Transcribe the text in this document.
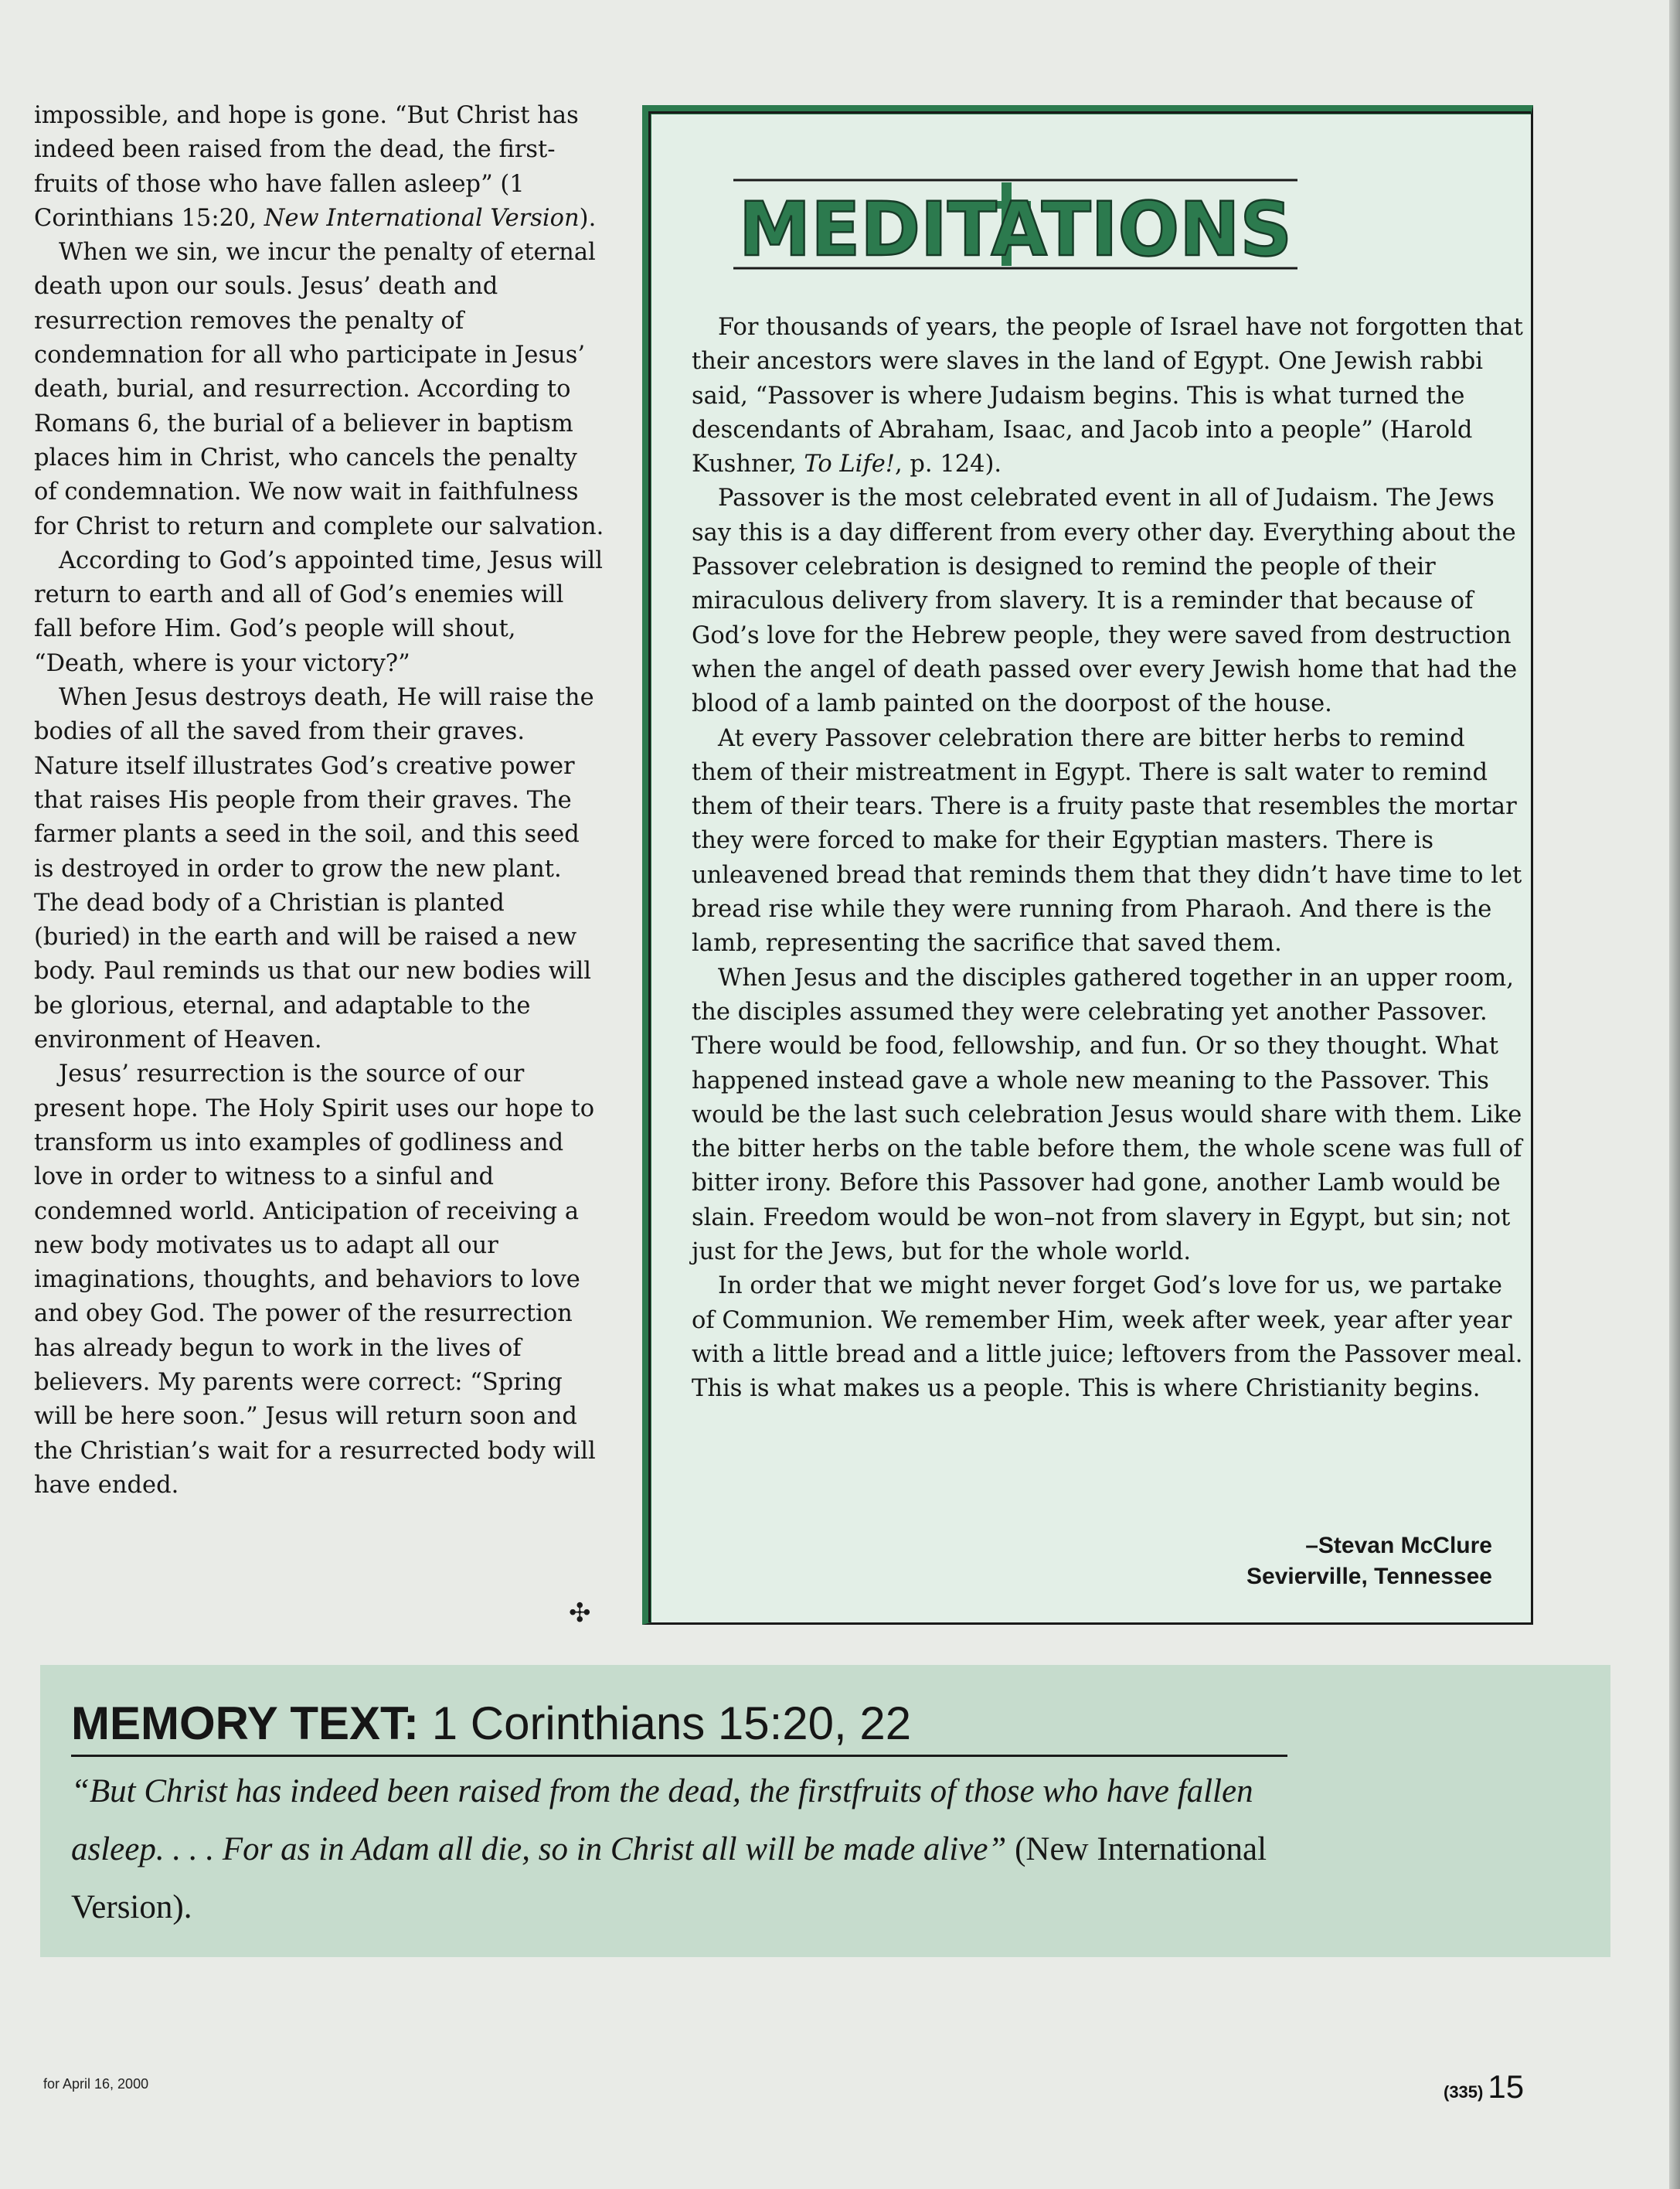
impossible, and hope is gone. “But Christ has indeed been raised from the dead, the first-fruits of those who have fallen asleep” (1 Corinthians 15:20, New International Version).

When we sin, we incur the penalty of eternal death upon our souls. Jesus’ death and resurrection removes the penalty of condemnation for all who participate in Jesus’ death, burial, and resurrection. According to Romans 6, the burial of a believer in baptism places him in Christ, who cancels the penalty of condemnation. We now wait in faithfulness for Christ to return and complete our salvation.

According to God’s appointed time, Jesus will return to earth and all of God’s enemies will fall before Him. God’s people will shout, “Death, where is your victory?”

When Jesus destroys death, He will raise the bodies of all the saved from their graves. Nature itself illustrates God’s creative power that raises His people from their graves. The farmer plants a seed in the soil, and this seed is destroyed in order to grow the new plant. The dead body of a Christian is planted (buried) in the earth and will be raised a new body. Paul reminds us that our new bodies will be glorious, eternal, and adaptable to the environment of Heaven.

Jesus’ resurrection is the source of our present hope. The Holy Spirit uses our hope to transform us into examples of godliness and love in order to witness to a sinful and condemned world. Anticipation of receiving a new body motivates us to adapt all our imaginations, thoughts, and behaviors to love and obey God. The power of the resurrection has already begun to work in the lives of believers. My parents were correct: “Spring will be here soon.” Jesus will return soon and the Christian’s wait for a resurrected body will have ended.

✣
MEDITATIONS

For thousands of years, the people of Israel have not forgotten that their ancestors were slaves in the land of Egypt. One Jewish rabbi said, “Passover is where Judaism begins. This is what turned the descendants of Abraham, Isaac, and Jacob into a people” (Harold Kushner, To Life!, p. 124).

Passover is the most celebrated event in all of Judaism. The Jews say this is a day different from every other day. Everything about the Passover celebration is designed to remind the people of their miraculous delivery from slavery. It is a reminder that because of God’s love for the Hebrew people, they were saved from destruction when the angel of death passed over every Jewish home that had the blood of a lamb painted on the doorpost of the house.

At every Passover celebration there are bitter herbs to remind them of their mistreatment in Egypt. There is salt water to remind them of their tears. There is a fruity paste that resembles the mortar they were forced to make for their Egyptian masters. There is unleavened bread that reminds them that they didn’t have time to let bread rise while they were running from Pharaoh. And there is the lamb, representing the sacrifice that saved them.

When Jesus and the disciples gathered together in an upper room, the disciples assumed they were celebrating yet another Passover. There would be food, fellowship, and fun. Or so they thought. What happened instead gave a whole new meaning to the Passover. This would be the last such celebration Jesus would share with them. Like the bitter herbs on the table before them, the whole scene was full of bitter irony. Before this Passover had gone, another Lamb would be slain. Freedom would be won–not from slavery in Egypt, but sin; not just for the Jews, but for the whole world.

In order that we might never forget God’s love for us, we partake of Communion. We remember Him, week after week, year after year with a little bread and a little juice; leftovers from the Passover meal. This is what makes us a people. This is where Christianity begins.

–Stevan McClure
Sevierville, Tennessee
MEMORY TEXT: 1 Corinthians 15:20, 22
“But Christ has indeed been raised from the dead, the firstfruits of those who have fallen asleep. . . . For as in Adam all die, so in Christ all will be made alive” (New International Version).
for April 16, 2000	(335) 15
